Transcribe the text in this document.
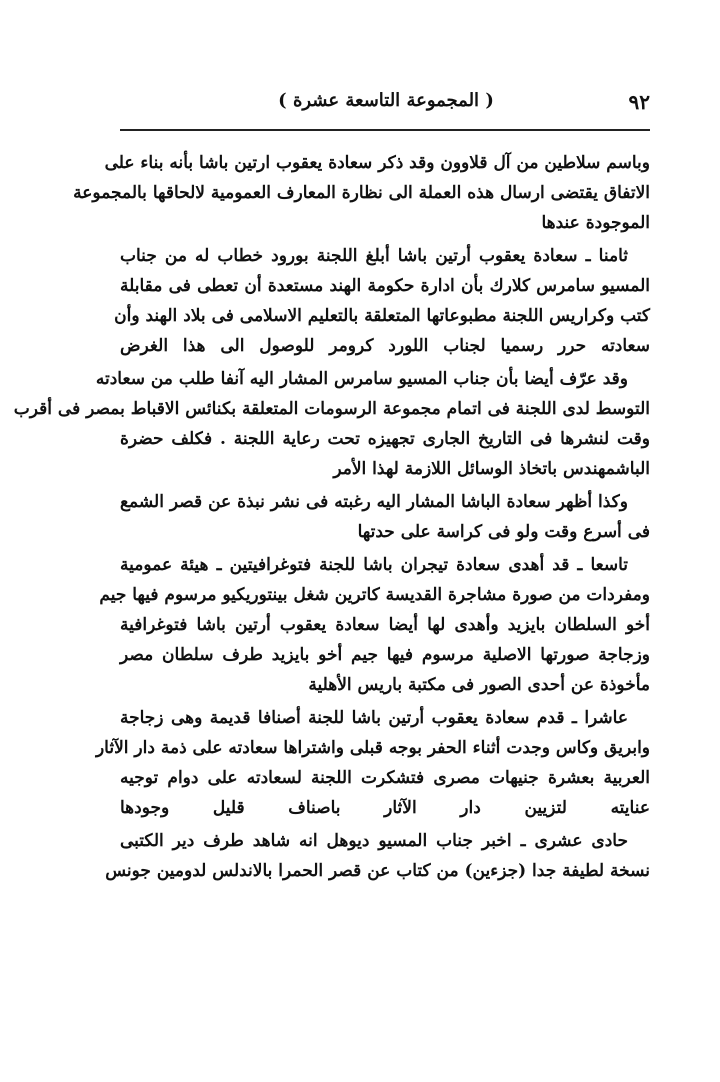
٩٢
( المجموعة التاسعة عشرة )
وباسم سلاطين من آل قلاوون وقد ذكر سعادة يعقوب ارتين باشا بأنه بناء على
الاتفاق يقتضى ارسال هذه العملة الى نظارة المعارف العمومية لالحاقها بالمجموعة
الموجودة عندها
ثامنا ـ سعادة يعقوب أرتين باشا أبلغ اللجنة بورود خطاب له من جناب
المسيو سامرس كلارك بأن ادارة حكومة الهند مستعدة أن تعطى فى مقابلة
كتب وكراريس اللجنة مطبوعاتها المتعلقة بالتعليم الاسلامى فى بلاد الهند وأن
سعادته حرر رسميا لجناب اللورد كرومر للوصول الى هذا الغرض
وقد عرّف أيضا بأن جناب المسيو سامرس المشار اليه آنفا طلب من سعادته
التوسط لدى اللجنة فى اتمام مجموعة الرسومات المتعلقة بكنائس الاقباط بمصر فى أقرب
وقت لنشرها فى التاريخ الجارى تجهيزه تحت رعاية اللجنة . فكلف حضرة
الباشمهندس باتخاذ الوسائل اللازمة لهذا الأمر
وكذا أظهر سعادة الباشا المشار اليه رغبته فى نشر نبذة عن قصر الشمع
فى أسرع وقت ولو فى كراسة على حدتها
تاسعا ـ قد أهدى سعادة تيجران باشا للجنة فتوغرافيتين ـ هيئة عمومية
ومفردات من صورة مشاجرة القديسة كاترين شغل بينتوريكيو مرسوم فيها جيم
أخو السلطان بايزيد وأهدى لها أيضا سعادة يعقوب أرتين باشا فتوغرافية
وزجاجة صورتها الاصلية مرسوم فيها جيم أخو بايزيد طرف سلطان مصر
مأخوذة عن أحدى الصور فى مكتبة باريس الأهلية
عاشرا ـ قدم سعادة يعقوب أرتين باشا للجنة أصنافا قديمة وهى زجاجة
وابريق وكاس وجدت أثناء الحفر بوجه قبلى واشتراها سعادته على ذمة دار الآثار
العربية بعشرة جنيهات مصرى فتشكرت اللجنة لسعادته على دوام توجيه
عنايته لتزيين دار الآثار باصناف قليل وجودها
حادى عشرى ـ اخبر جناب المسيو ديوهل انه شاهد طرف دير الكتبى
نسخة لطيفة جدا (جزءين) من كتاب عن قصر الحمرا بالاندلس لدومين جونس
